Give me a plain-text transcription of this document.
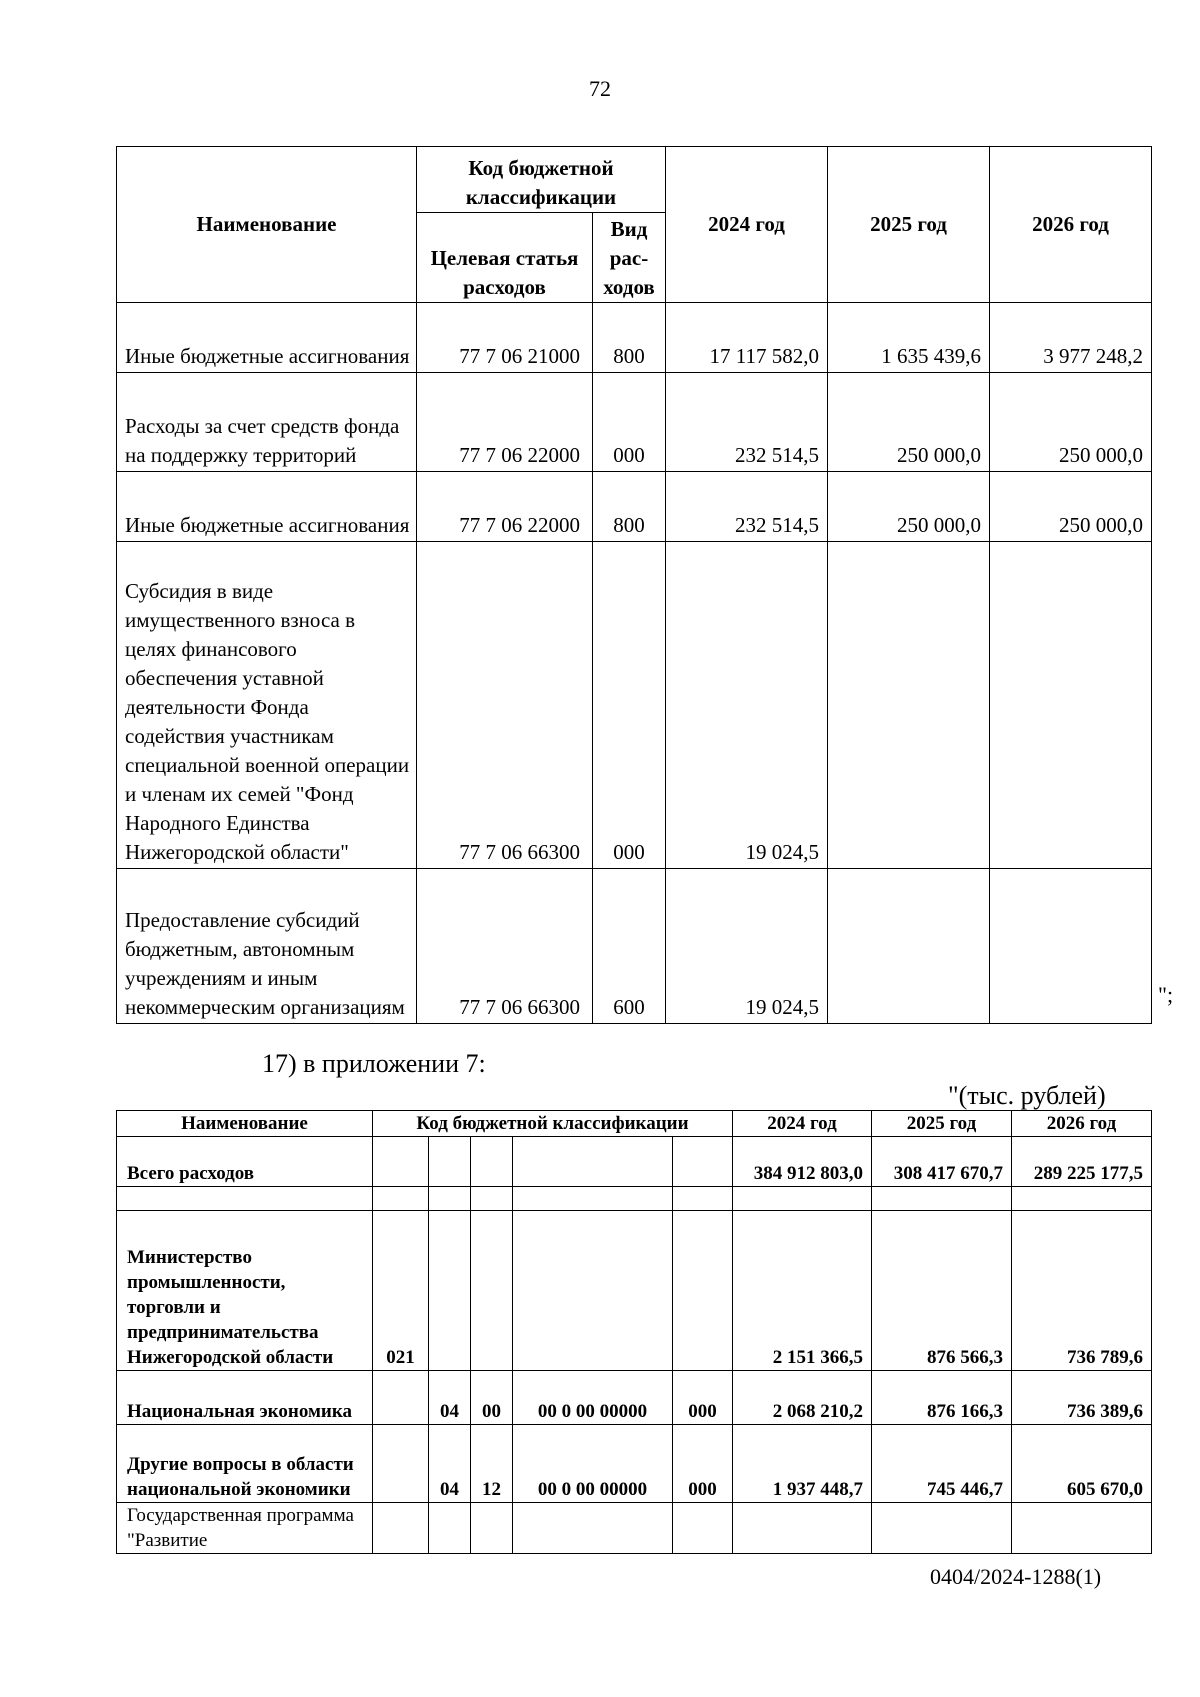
72
Наименование	Код бюджетной классификации		2024 год	2025 год	2026 год
	Целевая статья расходов	Вид рас- ходов			
Иные бюджетные ассигнования	77 7 06 21000	800	17 117 582,0	1 635 439,6	3 977 248,2
Расходы за счет средств фонда на поддержку территорий	77 7 06 22000	000	232 514,5	250 000,0	250 000,0
Иные бюджетные ассигнования	77 7 06 22000	800	232 514,5	250 000,0	250 000,0
Субсидия в виде имущественного взноса в целях финансового обеспечения уставной деятельности Фонда содействия участникам специальной военной операции и членам их семей "Фонд Народного Единства Нижегородской области"	77 7 06 66300	000	19 024,5		
Предоставление субсидий бюджетным, автономным учреждениям и иным некоммерческим организациям	77 7 06 66300	600	19 024,5			";
17) в приложении 7:
"(тыс. рублей)
Наименование	Код бюджетной классификации					2024 год	2025 год	2026 год
Всего расходов						384 912 803,0	308 417 670,7	289 225 177,5

Министерство промышленности, торговли и предпринимательства Нижегородской области	021					2 151 366,5	876 566,3	736 789,6
Национальная экономика		04	00	00 0 00 00000	000	2 068 210,2	876 166,3	736 389,6
Другие вопросы в области национальной экономики		04	12	00 0 00 00000	000	1 937 448,7	745 446,7	605 670,0
Государственная программа "Развитие								
0404/2024-1288(1)
